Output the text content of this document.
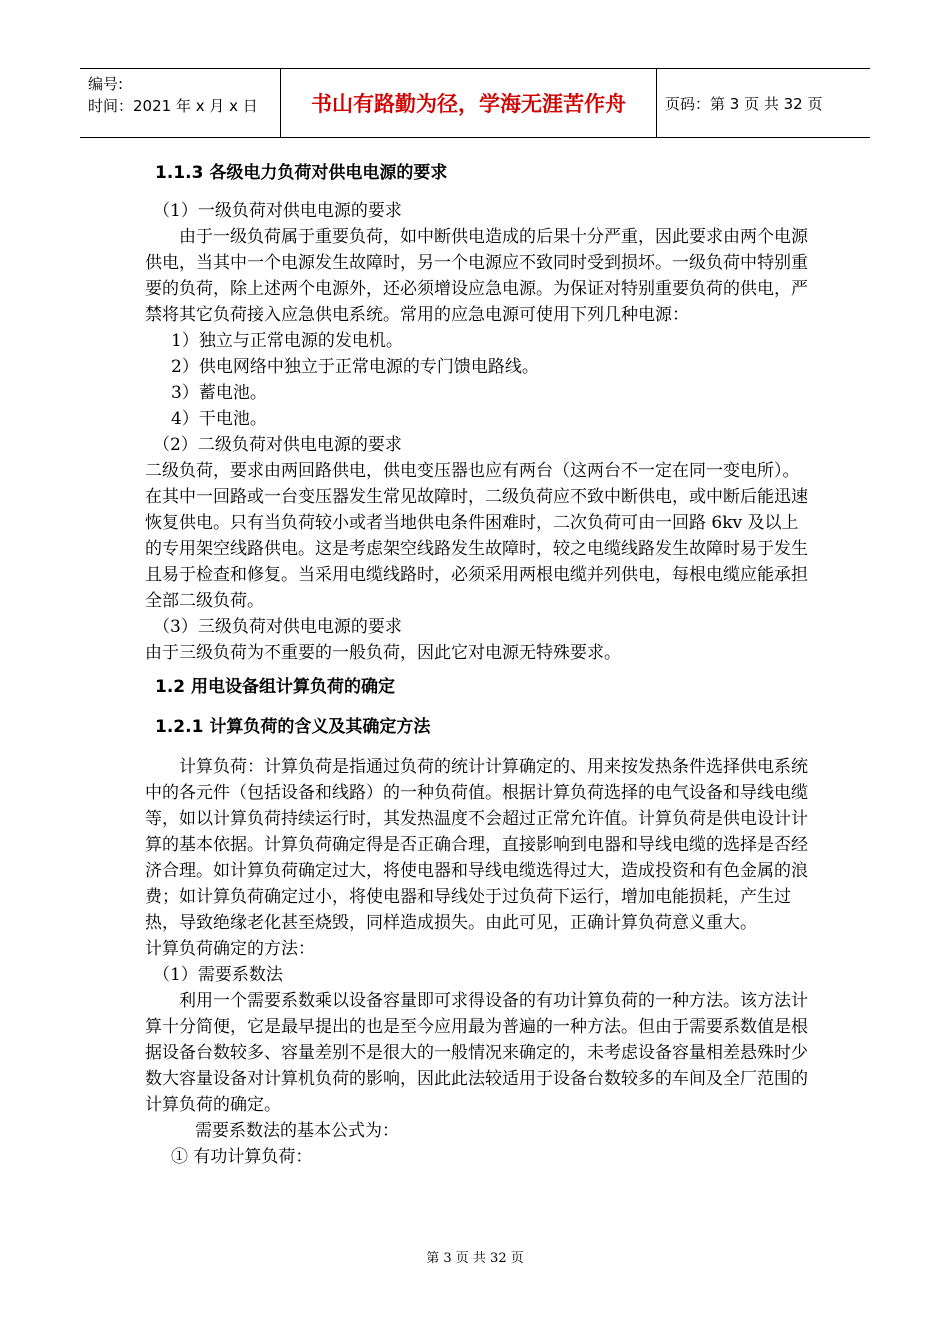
编号:
时间：2021 年 x 月 x 日	书山有路勤为径，学海无涯苦作舟	页码：第 3 页 共 32 页

1.1.3 各级电力负荷对供电电源的要求

（1）一级负荷对供电电源的要求

由于一级负荷属于重要负荷，如中断供电造成的后果十分严重，因此要求由两个电源供电，当其中一个电源发生故障时，另一个电源应不致同时受到损坏。一级负荷中特别重要的负荷，除上述两个电源外，还必须增设应急电源。为保证对特别重要负荷的供电，严禁将其它负荷接入应急供电系统。常用的应急电源可使用下列几种电源：

1）独立与正常电源的发电机。

2）供电网络中独立于正常电源的专门馈电路线。

3）蓄电池。

4）干电池。

（2）二级负荷对供电电源的要求

二级负荷，要求由两回路供电，供电变压器也应有两台（这两台不一定在同一变电所）。在其中一回路或一台变压器发生常见故障时，二级负荷应不致中断供电，或中断后能迅速恢复供电。只有当负荷较小或者当地供电条件困难时，二次负荷可由一回路 6kv 及以上的专用架空线路供电。这是考虑架空线路发生故障时，较之电缆线路发生故障时易于发生且易于检查和修复。当采用电缆线路时，必须采用两根电缆并列供电，每根电缆应能承担全部二级负荷。

（3）三级负荷对供电电源的要求

由于三级负荷为不重要的一般负荷，因此它对电源无特殊要求。

1.2 用电设备组计算负荷的确定

1.2.1 计算负荷的含义及其确定方法

计算负荷：计算负荷是指通过负荷的统计计算确定的、用来按发热条件选择供电系统中的各元件（包括设备和线路）的一种负荷值。根据计算负荷选择的电气设备和导线电缆等，如以计算负荷持续运行时，其发热温度不会超过正常允许值。计算负荷是供电设计计算的基本依据。计算负荷确定得是否正确合理，直接影响到电器和导线电缆的选择是否经济合理。如计算负荷确定过大，将使电器和导线电缆选得过大，造成投资和有色金属的浪费；如计算负荷确定过小，将使电器和导线处于过负荷下运行，增加电能损耗，产生过热，导致绝缘老化甚至烧毁，同样造成损失。由此可见，正确计算负荷意义重大。

计算负荷确定的方法：

（1）需要系数法

利用一个需要系数乘以设备容量即可求得设备的有功计算负荷的一种方法。该方法计算十分简便，它是最早提出的也是至今应用最为普遍的一种方法。但由于需要系数值是根据设备台数较多、容量差别不是很大的一般情况来确定的，未考虑设备容量相差悬殊时少数大容量设备对计算机负荷的影响，因此此法较适用于设备台数较多的车间及全厂范围的计算负荷的确定。

需要系数法的基本公式为：

① 有功计算负荷：

第 3 页 共 32 页
